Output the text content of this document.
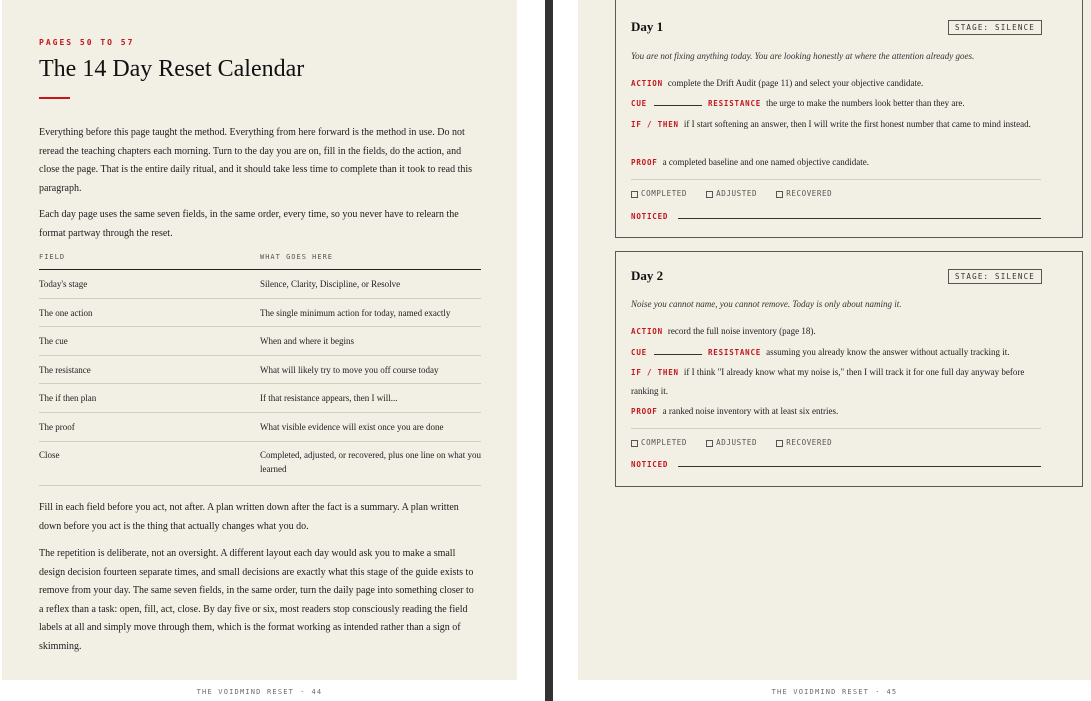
PAGES 50 TO 57
The 14 Day Reset Calendar

Everything before this page taught the method. Everything from here forward is the method in use. Do not reread the teaching chapters each morning. Turn to the day you are on, fill in the fields, do the action, and close the page. That is the entire daily ritual, and it should take less time to complete than it took to read this paragraph.

Each day page uses the same seven fields, in the same order, every time, so you never have to relearn the format partway through the reset.

FIELD	WHAT GOES HERE
Today's stage	Silence, Clarity, Discipline, or Resolve
The one action	The single minimum action for today, named exactly
The cue	When and where it begins
The resistance	What will likely try to move you off course today
The if then plan	If that resistance appears, then I will...
The proof	What visible evidence will exist once you are done
Close	Completed, adjusted, or recovered, plus one line on what you learned

Fill in each field before you act, not after. A plan written down after the fact is a summary. A plan written down before you act is the thing that actually changes what you do.

The repetition is deliberate, not an oversight. A different layout each day would ask you to make a small design decision fourteen separate times, and small decisions are exactly what this stage of the guide exists to remove from your day. The same seven fields, in the same order, turn the daily page into something closer to a reflex than a task: open, fill, act, close. By day five or six, most readers stop consciously reading the field labels at all and simply move through them, which is the format working as intended rather than a sign of skimming.

THE VOIDMIND RESET · 44	THE VOIDMIND RESET · 45
Day 1	STAGE: SILENCE
You are not fixing anything today. You are looking honestly at where the attention already goes.
ACTION complete the Drift Audit (page 11) and select your objective candidate.
CUE	RESISTANCE the urge to make the numbers look better than they are.
IF / THEN if I start softening an answer, then I will write the first honest number that came to mind instead.
PROOF a completed baseline and one named objective candidate.
COMPLETED	ADJUSTED	RECOVERED
NOTICED
Day 2	STAGE: SILENCE
Noise you cannot name, you cannot remove. Today is only about naming it.
ACTION record the full noise inventory (page 18).
CUE	RESISTANCE assuming you already know the answer without actually tracking it.
IF / THEN if I think "I already know what my noise is," then I will track it for one full day anyway before ranking it.
PROOF a ranked noise inventory with at least six entries.
COMPLETED	ADJUSTED	RECOVERED
NOTICED
